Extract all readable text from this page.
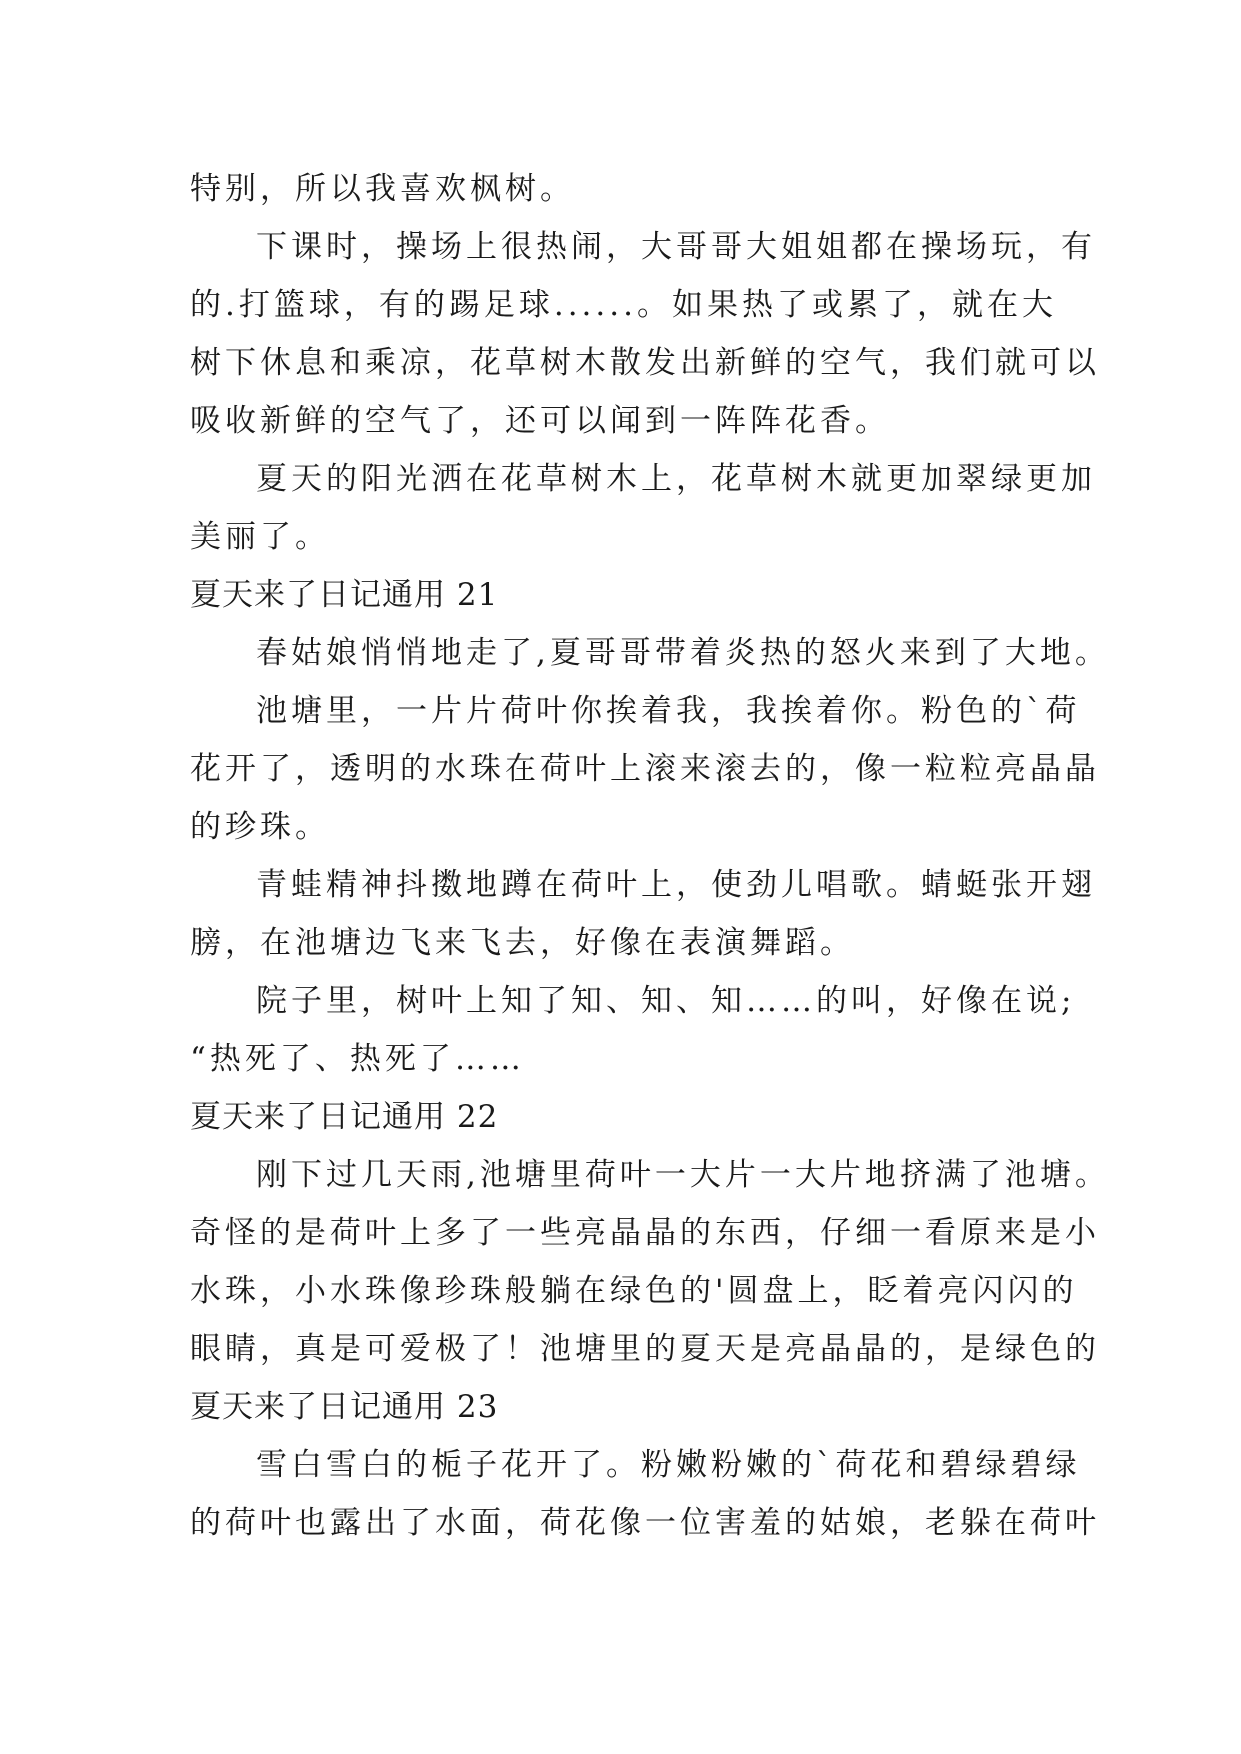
特别，所以我喜欢枫树。
下课时，操场上很热闹，大哥哥大姐姐都在操场玩，有
的.打篮球，有的踢足球......。如果热了或累了，就在大
树下休息和乘凉，花草树木散发出新鲜的空气，我们就可以
吸收新鲜的空气了，还可以闻到一阵阵花香。
夏天的阳光洒在花草树木上，花草树木就更加翠绿更加
美丽了。
夏天来了日记通用 21
春姑娘悄悄地走了,夏哥哥带着炎热的怒火来到了大地。
池塘里，一片片荷叶你挨着我，我挨着你。粉色的`荷
花开了，透明的水珠在荷叶上滚来滚去的，像一粒粒亮晶晶
的珍珠。
青蛙精神抖擞地蹲在荷叶上，使劲儿唱歌。蜻蜓张开翅
膀，在池塘边飞来飞去，好像在表演舞蹈。
院子里，树叶上知了知、知、知……的叫，好像在说;
“热死了、热死了……
夏天来了日记通用 22
刚下过几天雨,池塘里荷叶一大片一大片地挤满了池塘。
奇怪的是荷叶上多了一些亮晶晶的东西，仔细一看原来是小
水珠，小水珠像珍珠般躺在绿色的'圆盘上，眨着亮闪闪的
眼睛，真是可爱极了！池塘里的夏天是亮晶晶的，是绿色的
夏天来了日记通用 23
雪白雪白的栀子花开了。粉嫩粉嫩的`荷花和碧绿碧绿
的荷叶也露出了水面，荷花像一位害羞的姑娘，老躲在荷叶
